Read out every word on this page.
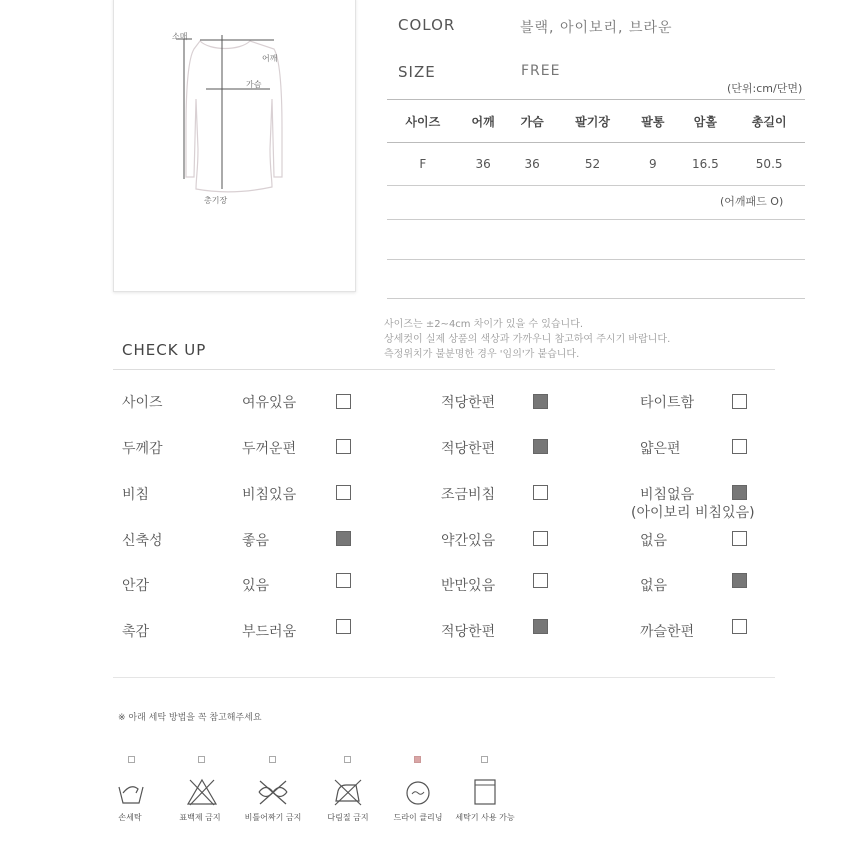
소매
어깨
가슴
총기장
COLOR	블랙, 아이보리, 브라운
SIZE	FREE
(단위:cm/단면)
사이즈	어깨	가슴	팔기장	팔통	암홀	총길이
F	36	36	52	9	16.5	50.5
(어깨패드 O)
사이즈는 ±2~4cm 차이가 있을 수 있습니다.
상세컷이 실제 상품의 색상과 가까우니 참고하여 주시기 바랍니다.
측정위치가 불분명한 경우 '임의'가 붙습니다.
CHECK UP
사이즈	여유있음	적당한편	타이트함
두께감	두꺼운편	적당한편	얇은편
비침	비침있음	조금비침	비침없음
(아이보리 비침있음)
신축성	좋음	약간있음	없음
안감	있음	반만있음	없음
촉감	부드러움	적당한편	까슬한편
※ 아래 세탁 방법을 꼭 참고해주세요
손세탁	표백제 금지	비틀어짜기 금지	다림질 금지	드라이 클리닝	세탁기 사용 가능
